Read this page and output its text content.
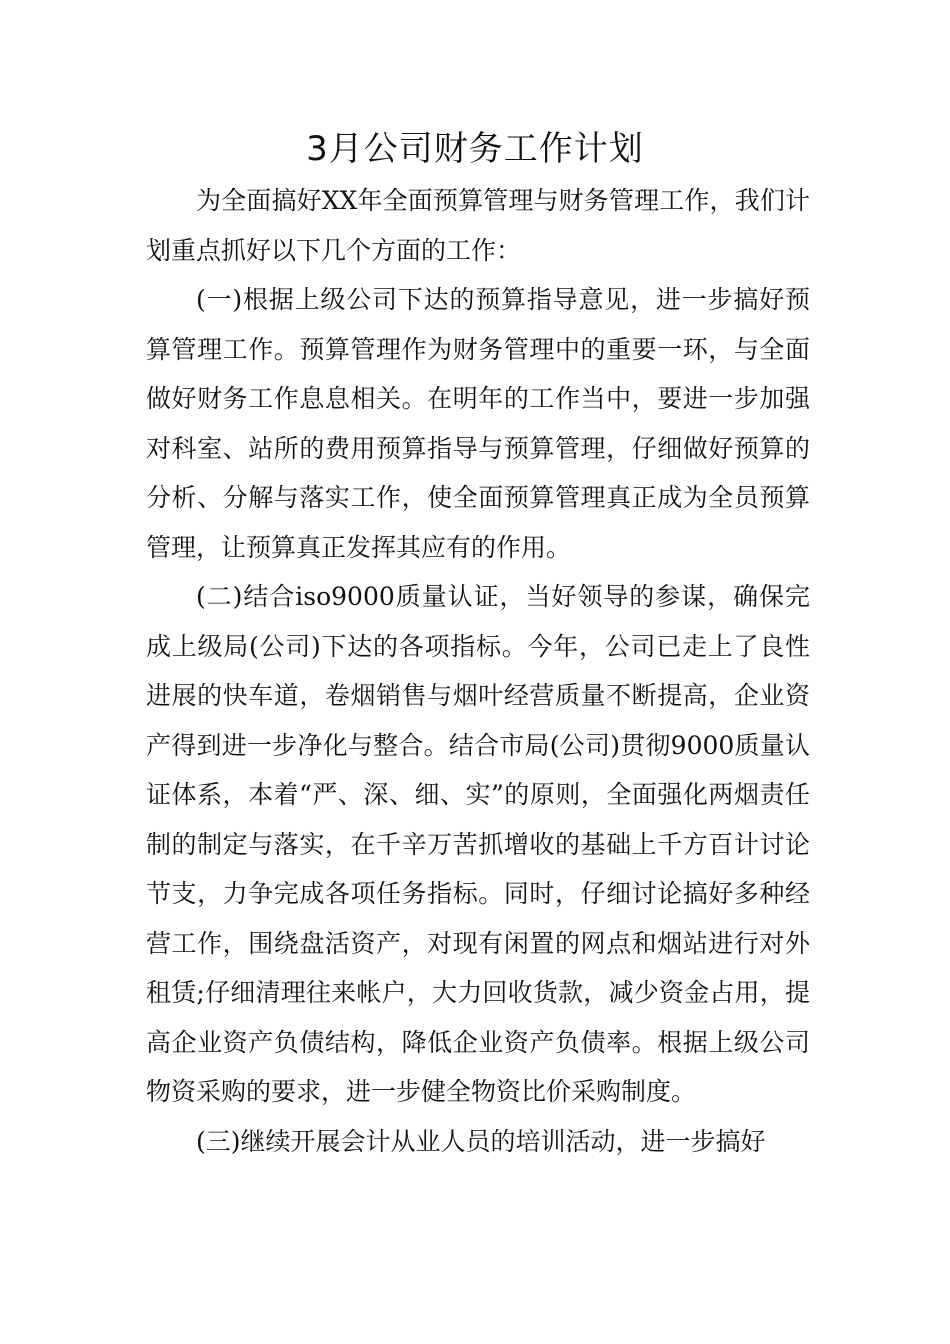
3月公司财务工作计划

为全面搞好XX年全面预算管理与财务管理工作，我们计划重点抓好以下几个方面的工作：

(一)根据上级公司下达的预算指导意见，进一步搞好预算管理工作。预算管理作为财务管理中的重要一环，与全面做好财务工作息息相关。在明年的工作当中，要进一步加强对科室、站所的费用预算指导与预算管理，仔细做好预算的分析、分解与落实工作，使全面预算管理真正成为全员预算管理，让预算真正发挥其应有的作用。

(二)结合iso9000质量认证，当好领导的参谋，确保完成上级局(公司)下达的各项指标。今年，公司已走上了良性进展的快车道，卷烟销售与烟叶经营质量不断提高，企业资产得到进一步净化与整合。结合市局(公司)贯彻9000质量认证体系，本着“严、深、细、实”的原则，全面强化两烟责任制的制定与落实，在千辛万苦抓增收的基础上千方百计讨论节支，力争完成各项任务指标。同时，仔细讨论搞好多种经营工作，围绕盘活资产，对现有闲置的网点和烟站进行对外租赁;仔细清理往来帐户，大力回收货款，减少资金占用，提高企业资产负债结构，降低企业资产负债率。根据上级公司物资采购的要求，进一步健全物资比价采购制度。

(三)继续开展会计从业人员的培训活动，进一步搞好
